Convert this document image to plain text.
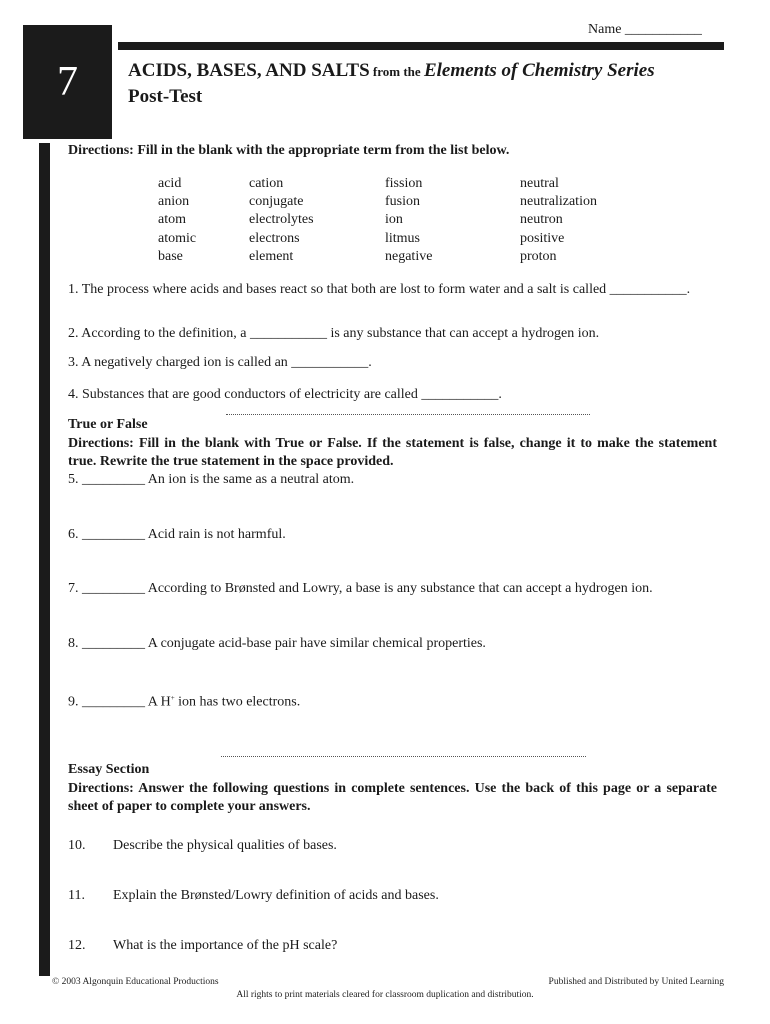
Name ___________
7	ACIDS, BASES, AND SALTS from the Elements of Chemistry Series
Post-Test
Directions: Fill in the blank with the appropriate term from the list below.
acid
anion
atom
atomic
base
cation
conjugate
electrolytes
electrons
element
fission
fusion
ion
litmus
negative
neutral
neutralization
neutron
positive
proton
1. The process where acids and bases react so that both are lost to form water and a salt is called ___________.
2. According to the definition, a ___________ is any substance that can accept a hydrogen ion.
3. A negatively charged ion is called an ___________.
4. Substances that are good conductors of electricity are called ___________.
True or False
Directions: Fill in the blank with True or False. If the statement is false, change it to make the statement true. Rewrite the true statement in the space provided.
5. _________ An ion is the same as a neutral atom.
6. _________ Acid rain is not harmful.
7. _________ According to Brønsted and Lowry, a base is any substance that can accept a hydrogen ion.
8. _________ A conjugate acid-base pair have similar chemical properties.
9. _________ A H+ ion has two electrons.
Essay Section
Directions: Answer the following questions in complete sentences. Use the back of this page or a separate sheet of paper to complete your answers.
10. Describe the physical qualities of bases.
11. Explain the Brønsted/Lowry definition of acids and bases.
12. What is the importance of the pH scale?
© 2003 Algonquin Educational Productions	Published and Distributed by United Learning
All rights to print materials cleared for classroom duplication and distribution.
